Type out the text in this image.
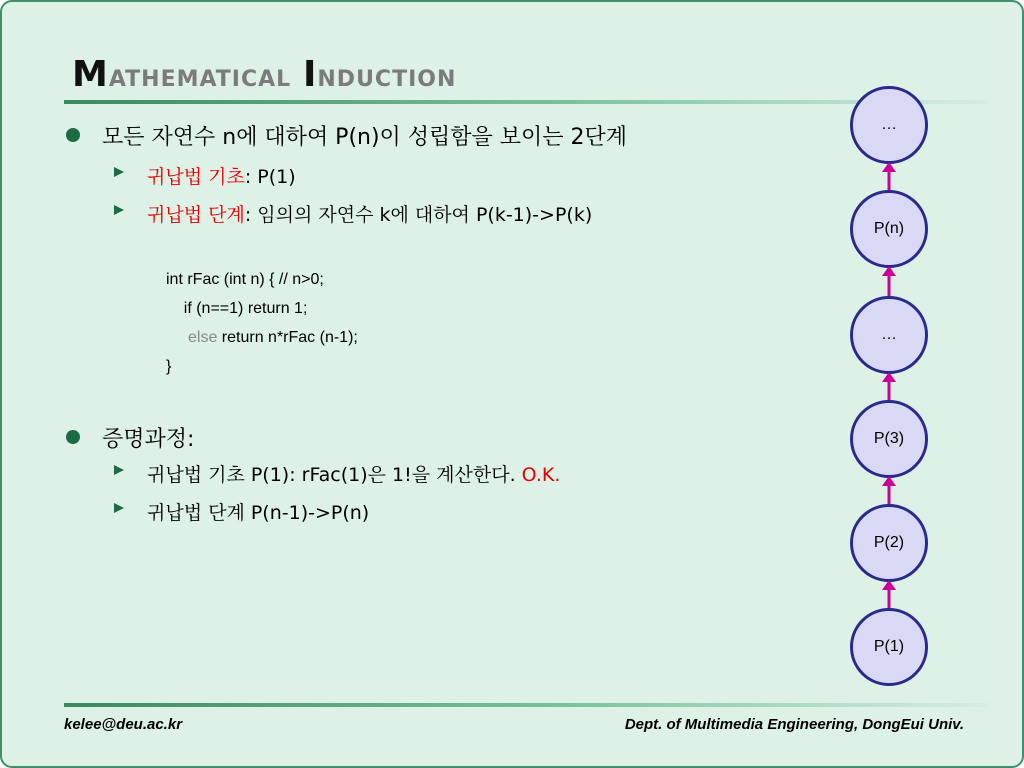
Mathematical Induction
모든 자연수 n에 대하여 P(n)이 성립함을 보이는 2단계
귀납법 기초: P(1)
귀납법 단계: 임의의 자연수 k에 대하여 P(k-1)->P(k)
int rFac (int n) { // n>0;
if (n==1) return 1;
else return n*rFac (n-1);
}
증명과정:
귀납법 기초 P(1): rFac(1)은 1!을 계산한다. O.K.
귀납법 단계 P(n-1)->P(n)
…
P(n)
…
P(3)
P(2)
P(1)
kelee@deu.ac.kr	Dept. of Multimedia Engineering, DongEui Univ.
